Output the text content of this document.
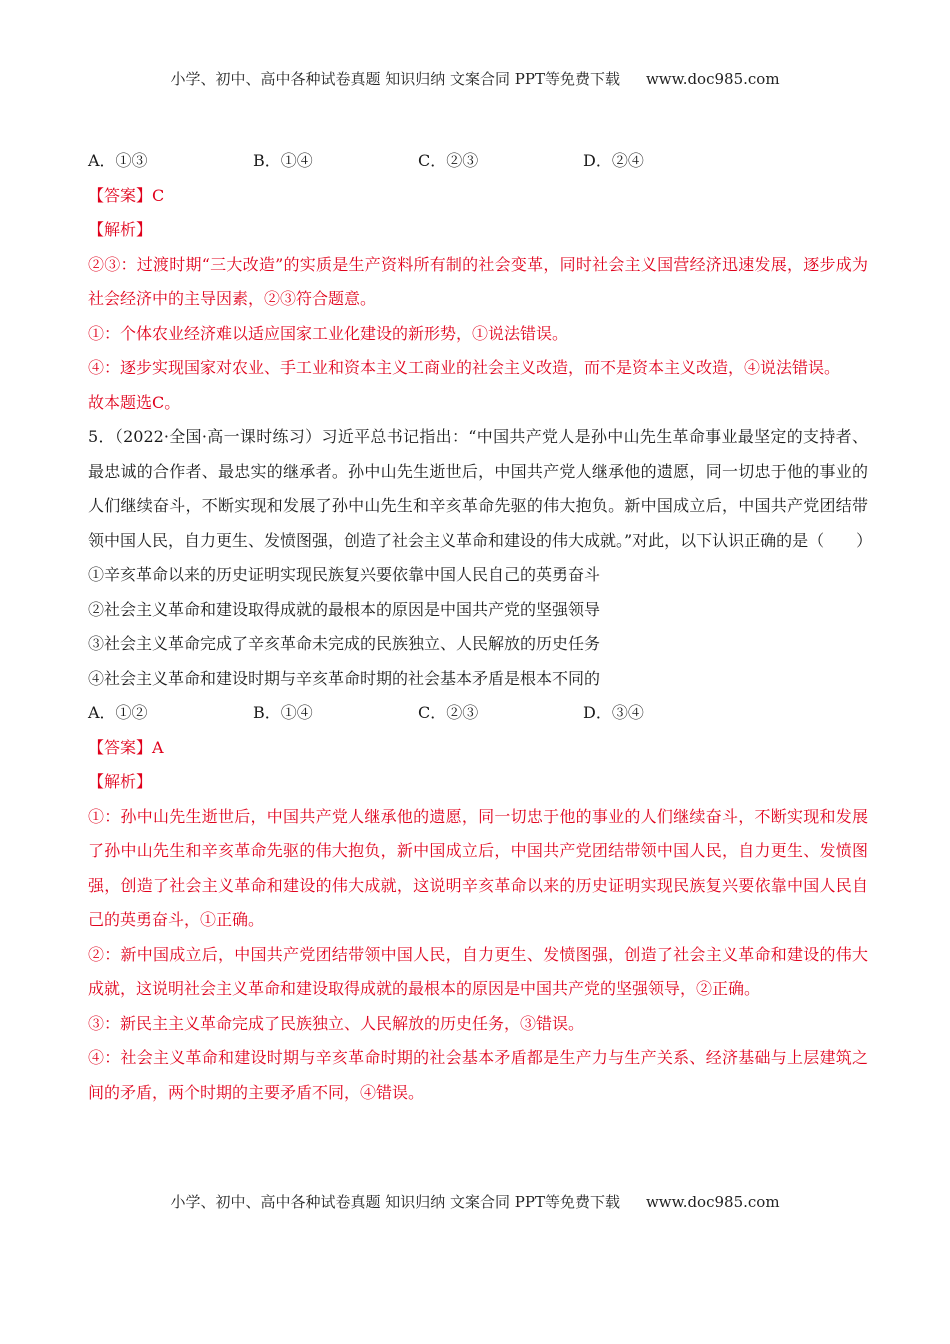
小学、初中、高中各种试卷真题 知识归纳 文案合同 PPT等免费下载 www.doc985.com
A．①③	B．①④	C．②③	D．②④
【答案】C
【解析】
②③：过渡时期“三大改造”的实质是生产资料所有制的社会变革，同时社会主义国营经济迅速发展，逐步成为社会经济中的主导因素，②③符合题意。
①：个体农业经济难以适应国家工业化建设的新形势，①说法错误。
④：逐步实现国家对农业、手工业和资本主义工商业的社会主义改造，而不是资本主义改造，④说法错误。
故本题选C。
5．（2022·全国·高一课时练习）习近平总书记指出：“中国共产党人是孙中山先生革命事业最坚定的支持者、最忠诚的合作者、最忠实的继承者。孙中山先生逝世后，中国共产党人继承他的遗愿，同一切忠于他的事业的人们继续奋斗，不断实现和发展了孙中山先生和辛亥革命先驱的伟大抱负。新中国成立后，中国共产党团结带领中国人民，自力更生、发愤图强，创造了社会主义革命和建设的伟大成就。”对此，以下认识正确的是（　　）
①辛亥革命以来的历史证明实现民族复兴要依靠中国人民自己的英勇奋斗
②社会主义革命和建设取得成就的最根本的原因是中国共产党的坚强领导
③社会主义革命完成了辛亥革命未完成的民族独立、人民解放的历史任务
④社会主义革命和建设时期与辛亥革命时期的社会基本矛盾是根本不同的
A．①②	B．①④	C．②③	D．③④
【答案】A
【解析】
①：孙中山先生逝世后，中国共产党人继承他的遗愿，同一切忠于他的事业的人们继续奋斗，不断实现和发展了孙中山先生和辛亥革命先驱的伟大抱负，新中国成立后，中国共产党团结带领中国人民，自力更生、发愤图强，创造了社会主义革命和建设的伟大成就，这说明辛亥革命以来的历史证明实现民族复兴要依靠中国人民自己的英勇奋斗，①正确。
②：新中国成立后，中国共产党团结带领中国人民，自力更生、发愤图强，创造了社会主义革命和建设的伟大成就，这说明社会主义革命和建设取得成就的最根本的原因是中国共产党的坚强领导，②正确。
③：新民主主义革命完成了民族独立、人民解放的历史任务，③错误。
④：社会主义革命和建设时期与辛亥革命时期的社会基本矛盾都是生产力与生产关系、经济基础与上层建筑之间的矛盾，两个时期的主要矛盾不同，④错误。
小学、初中、高中各种试卷真题 知识归纳 文案合同 PPT等免费下载 www.doc985.com
